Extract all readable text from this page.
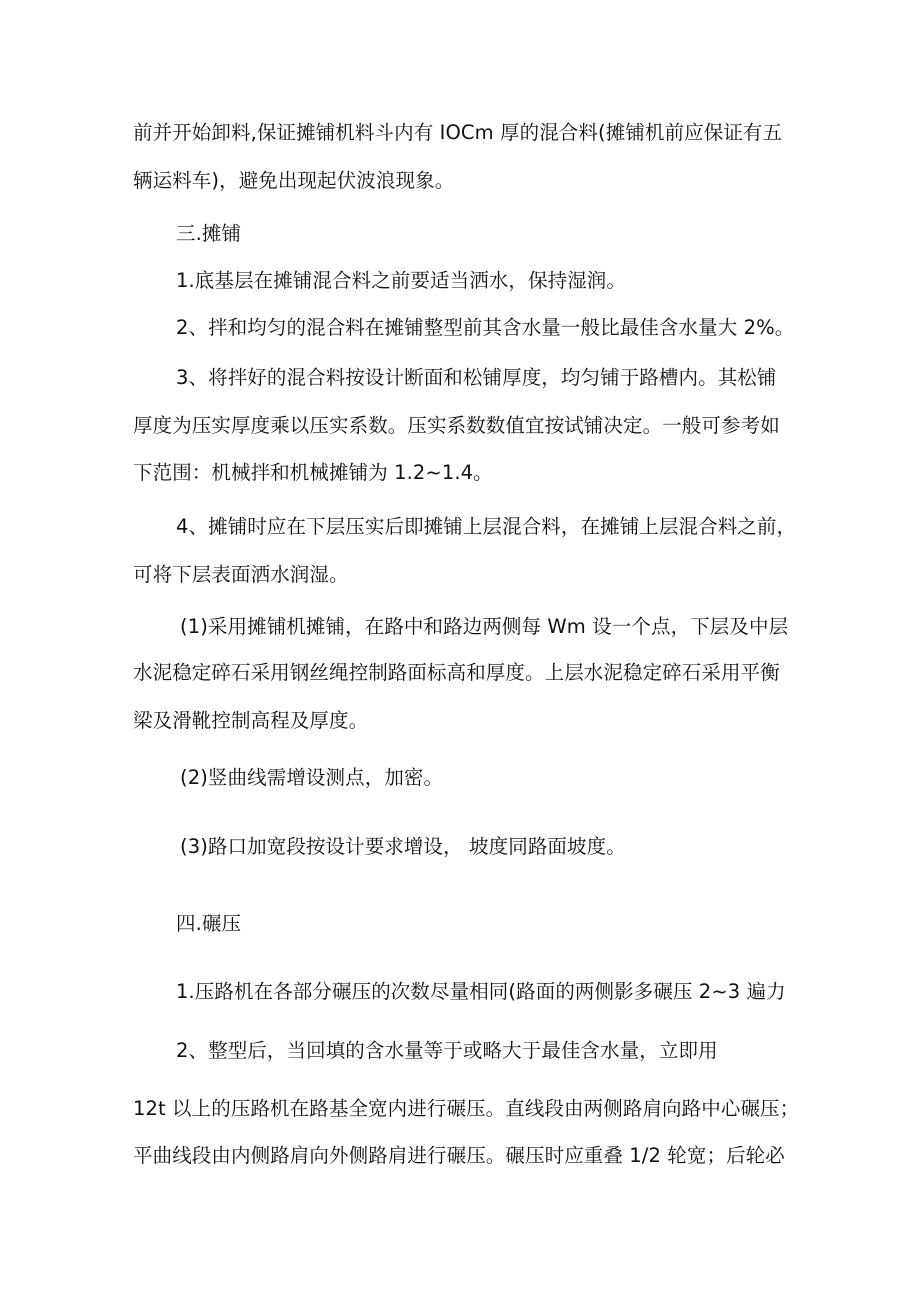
前并开始卸料,保证摊铺机料斗内有 IOCm 厚的混合料(摊铺机前应保证有五

辆运料车)，避免出现起伏波浪现象。

三.摊铺

1.底基层在摊铺混合料之前要适当洒水，保持湿润。

2、拌和均匀的混合料在摊铺整型前其含水量一般比最佳含水量大 2%。

3、将拌好的混合料按设计断面和松铺厚度，均匀铺于路槽内。其松铺

厚度为压实厚度乘以压实系数。压实系数数值宜按试铺决定。一般可参考如

下范围：机械拌和机械摊铺为 1.2~1.4。

4、摊铺时应在下层压实后即摊铺上层混合料，在摊铺上层混合料之前，

可将下层表面洒水润湿。

(1)采用摊铺机摊铺，在路中和路边两侧每 Wm 设一个点，下层及中层

水泥稳定碎石采用钢丝绳控制路面标高和厚度。上层水泥稳定碎石采用平衡

梁及滑靴控制高程及厚度。

(2)竖曲线需增设测点，加密。

(3)路口加宽段按设计要求增设， 坡度同路面坡度。

四.碾压

1.压路机在各部分碾压的次数尽量相同(路面的两侧影多碾压 2~3 遍力

2、整型后，当回填的含水量等于或略大于最佳含水量，立即用

12t 以上的压路机在路基全宽内进行碾压。直线段由两侧路肩向路中心碾压；

平曲线段由内侧路肩向外侧路肩进行碾压。碾压时应重叠 1/2 轮宽；后轮必
